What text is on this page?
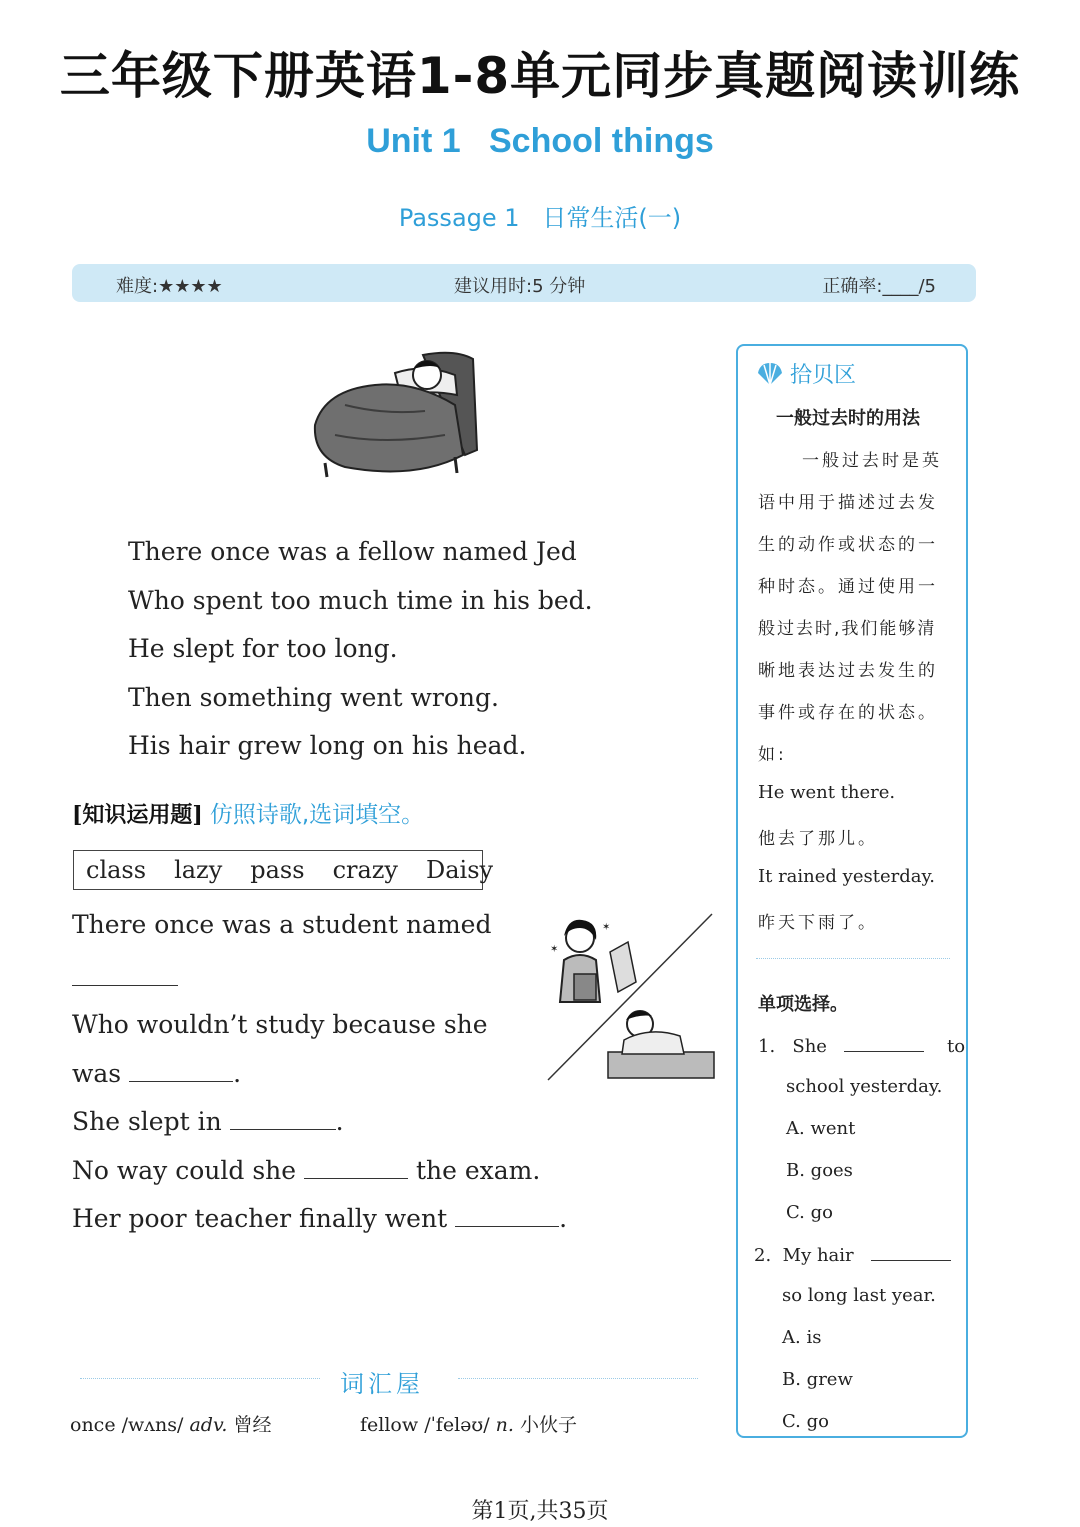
三年级下册英语1-8单元同步真题阅读训练
Unit 1   School things
Passage 1   日常生活(一)
难度:★★★★	建议用时:5 分钟	正确率:____/5
There once was a fellow named Jed
Who spent too much time in his bed.
He slept for too long.
Then something went wrong.
His hair grew long on his head.
[知识运用题] 仿照诗歌,选词填空。
class lazy pass crazy Daisy
There once was a student named
Who wouldn’t study because she
was	.
She slept in	.
No way could she	the exam.
Her poor teacher finally went	.
✶
✶
词汇屋
once /wʌns/ adv. 曾经	fellow /ˈfeləʊ/ n. 小伙子
拾贝区
一般过去时的用法
一般过去时是英
语中用于描述过去发
生的动作或状态的一
种时态。通过使用一
般过去时,我们能够清
晰地表达过去发生的
事件或存在的状态。
如:
He went there.
他去了那儿。
It rained yesterday.
昨天下雨了。
单项选择。
1. She	to
school yesterday.
A. went
B. goes
C. go
2. My hair
so long last year.
A. is
B. grew
C. go
第1页,共35页
